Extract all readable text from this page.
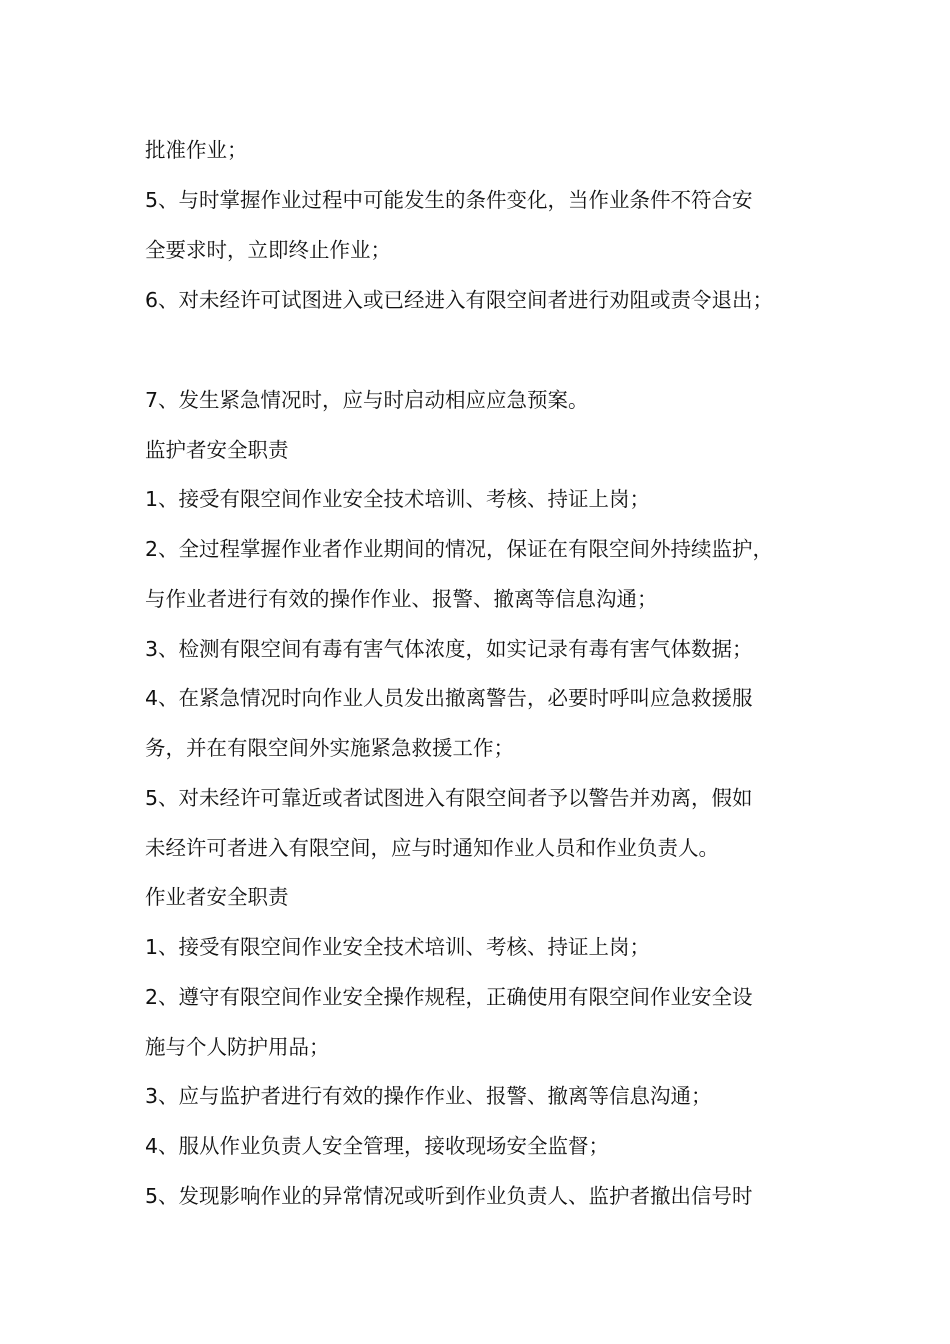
批准作业；
5、与时掌握作业过程中可能发生的条件变化，当作业条件不符合安
全要求时，立即终止作业；
6、对未经许可试图进入或已经进入有限空间者进行劝阻或责令退出；
7、发生紧急情况时，应与时启动相应应急预案。
监护者安全职责
1、接受有限空间作业安全技术培训、考核、持证上岗；
2、全过程掌握作业者作业期间的情况，保证在有限空间外持续监护，
与作业者进行有效的操作作业、报警、撤离等信息沟通；
3、检测有限空间有毒有害气体浓度，如实记录有毒有害气体数据；
4、在紧急情况时向作业人员发出撤离警告，必要时呼叫应急救援服
务，并在有限空间外实施紧急救援工作；
5、对未经许可靠近或者试图进入有限空间者予以警告并劝离，假如
未经许可者进入有限空间，应与时通知作业人员和作业负责人。
作业者安全职责
1、接受有限空间作业安全技术培训、考核、持证上岗；
2、遵守有限空间作业安全操作规程，正确使用有限空间作业安全设
施与个人防护用品；
3、应与监护者进行有效的操作作业、报警、撤离等信息沟通；
4、服从作业负责人安全管理，接收现场安全监督；
5、发现影响作业的异常情况或听到作业负责人、监护者撤出信号时
